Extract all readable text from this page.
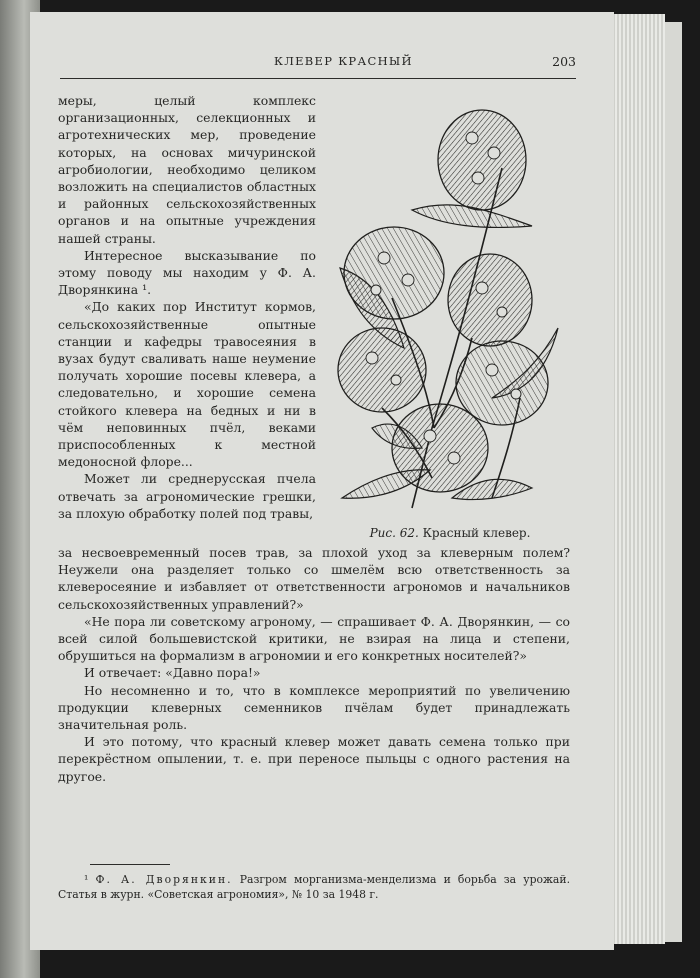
КЛЕВЕР КРАСНЫЙ	203

меры, целый комплекс организационных, селекционных и агротехнических мер, проведение которых, на основах мичуринской агробиологии, необходимо целиком возложить на специалистов областных и районных сельскохозяйственных органов и на опытные учреждения нашей страны.

Интересное высказывание по этому поводу мы находим у Ф. А. Дворянкина ¹.

«До каких пор Институт кормов, сельскохозяйственные опытные станции и кафедры травосеяния в вузах будут сваливать наше неумение получать хорошие посевы клевера, а следовательно, и хорошие семена стойкого клевера на бедных и ни в чём неповинных пчёл, веками приспособленных к местной медоносной флоре...

Может ли среднерусская пчела отвечать за агрономические грешки, за плохую обработку полей под травы,

Рис. 62. Красный клевер.

за несвоевременный посев трав, за плохой уход за клеверным полем? Неужели она разделяет только со шмелём всю ответственность за клеверосеяние и избавляет от ответственности агрономов и начальников сельскохозяйственных управлений?»

«Не пора ли советскому агроному, — спрашивает Ф. А. Дворянкин, — со всей силой большевистской критики, не взирая на лица и степени, обрушиться на формализм в агрономии и его конкретных носителей?»

И отвечает: «Давно пора!»

Но несомненно и то, что в комплексе мероприятий по увеличению продукции клеверных семенников пчёлам будет принадлежать значительная роль.

И это потому, что красный клевер может давать семена только при перекрёстном опылении, т. е. при переносе пыльцы с одного растения на другое.

¹ Ф. А. Дворянкин. Разгром морганизма-менделизма и борьба за урожай. Статья в журн. «Советская агрономия», № 10 за 1948 г.
